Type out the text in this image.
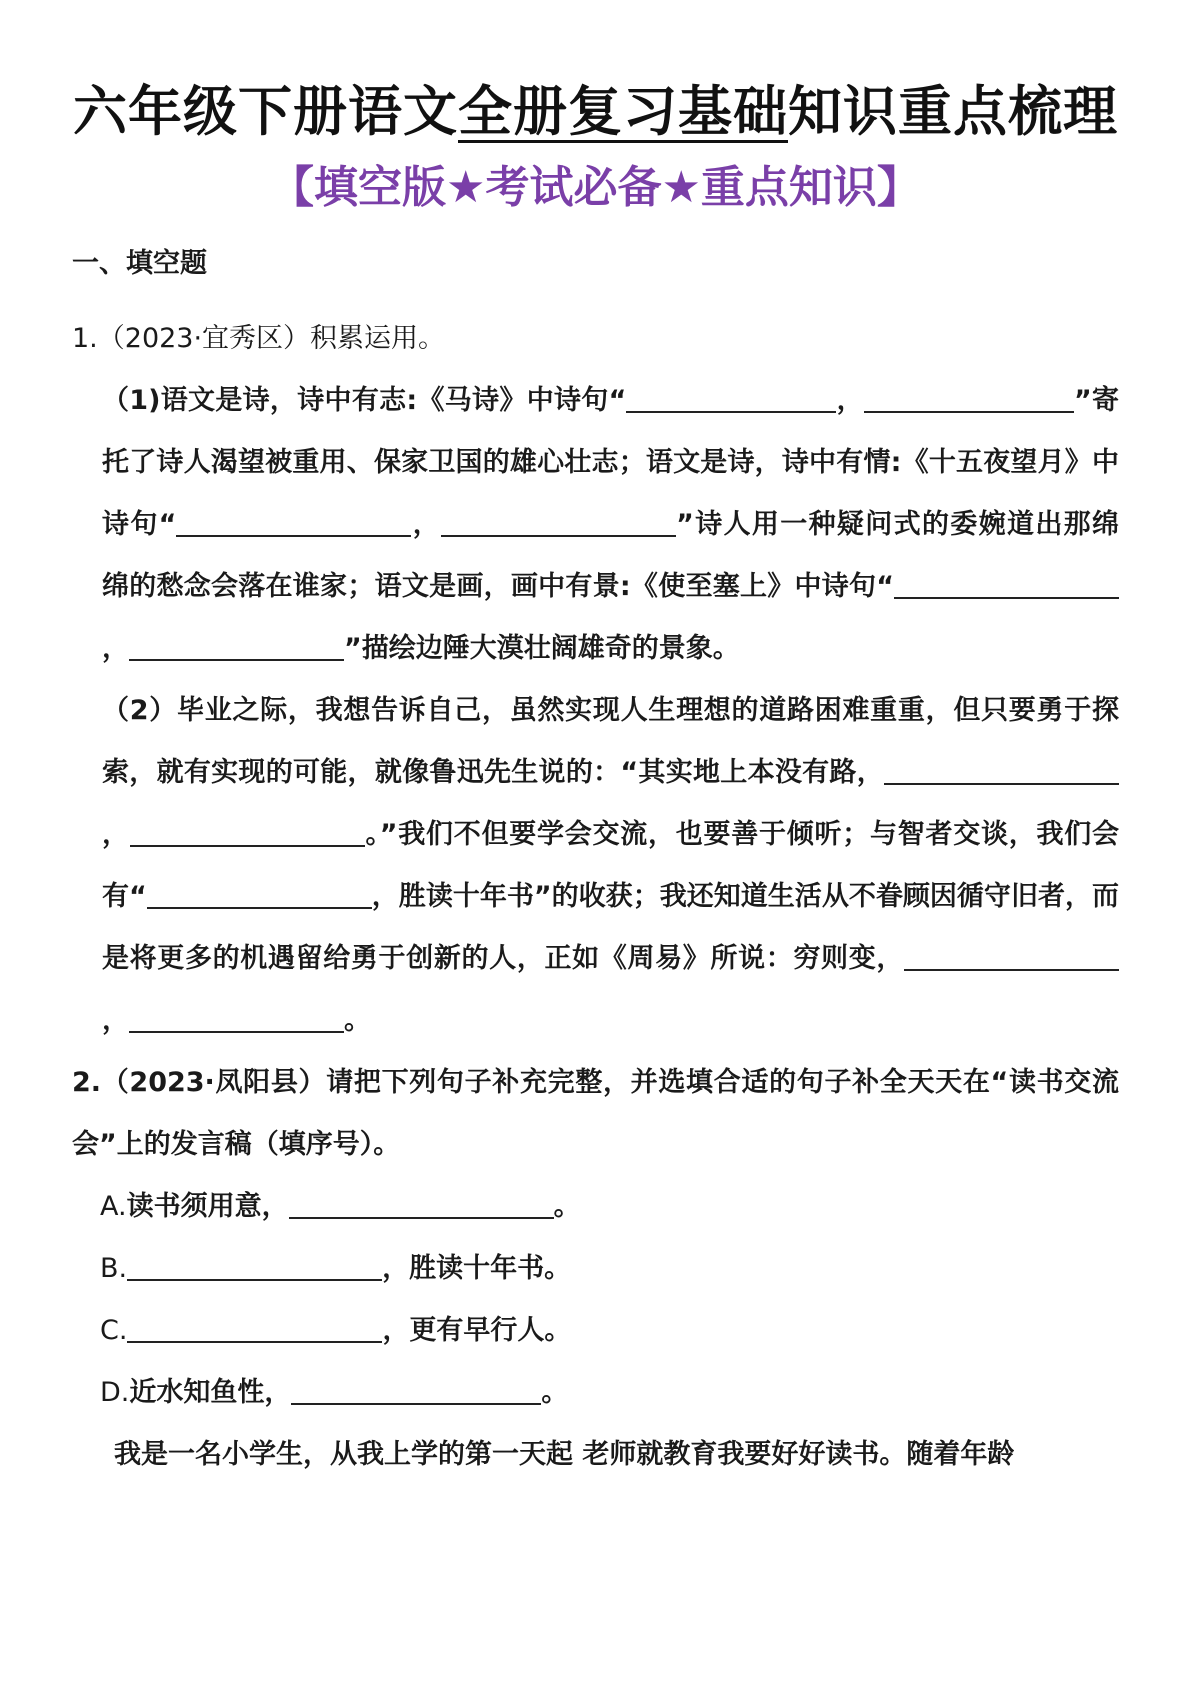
六年级下册语文全册复习基础知识重点梳理
【填空版★考试必备★重点知识】
一、填空题
1.（2023·宜秀区）积累运用。
（1)语文是诗，诗中有志:《马诗》中诗句“	，	”寄托了诗人渴望被重用、保家卫国的雄心壮志；语文是诗，诗中有情:《十五夜望月》中诗句“	，	”诗人用一种疑问式的委婉道出那绵绵的愁念会落在谁家；语文是画，画中有景:《使至塞上》中诗句“，	”描绘边陲大漠壮阔雄奇的景象。
（2）毕业之际，我想告诉自己，虽然实现人生理想的道路困难重重，但只要勇于探索，就有实现的可能，就像鲁迅先生说的：“其实地上本没有路，，	。”我们不但要学会交流，也要善于倾听；与智者交谈，我们会有“	，胜读十年书”的收获；我还知道生活从不眷顾因循守旧者，而是将更多的机遇留给勇于创新的人，正如《周易》所说：穷则变，，	。
2.（2023·凤阳县）请把下列句子补充完整，并选填合适的句子补全天天在“读书交流会”上的发言稿（填序号）。
A.读书须用意，	。
B.	，胜读十年书。
C.	，更有早行人。
D.近水知鱼性，	。
我是一名小学生，从我上学的第一天起 老师就教育我要好好读书。随着年龄
